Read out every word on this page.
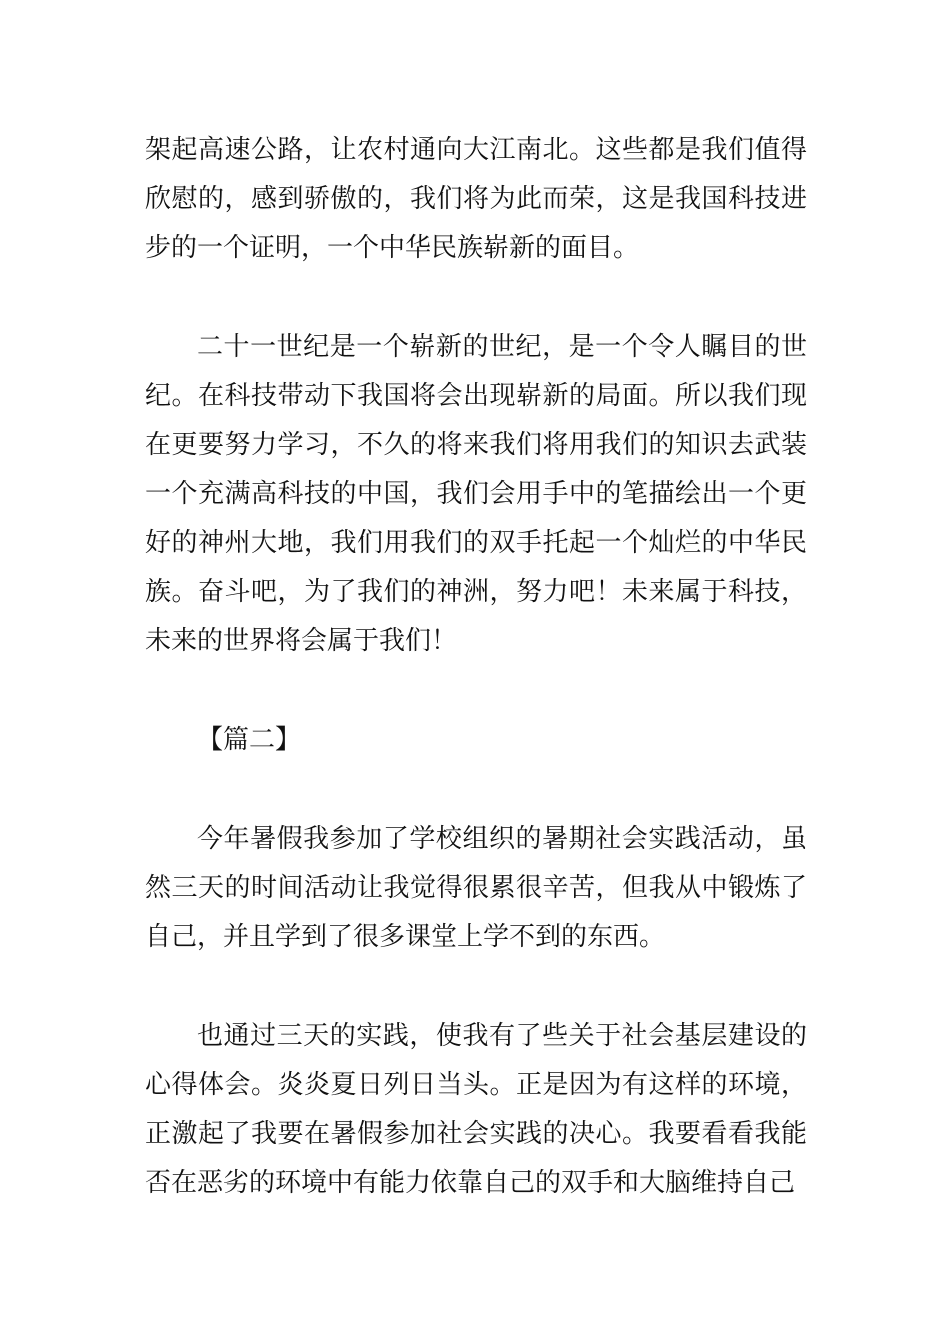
架起高速公路，让农村通向大江南北。这些都是我们值得欣慰的，感到骄傲的，我们将为此而荣，这是我国科技进步的一个证明，一个中华民族崭新的面目。

二十一世纪是一个崭新的世纪，是一个令人瞩目的世纪。在科技带动下我国将会出现崭新的局面。所以我们现在更要努力学习，不久的将来我们将用我们的知识去武装一个充满高科技的中国，我们会用手中的笔描绘出一个更好的神州大地，我们用我们的双手托起一个灿烂的中华民族。奋斗吧，为了我们的神洲，努力吧！未来属于科技，未来的世界将会属于我们！

【篇二】

今年暑假我参加了学校组织的暑期社会实践活动，虽然三天的时间活动让我觉得很累很辛苦，但我从中锻炼了自己，并且学到了很多课堂上学不到的东西。

也通过三天的实践，使我有了些关于社会基层建设的心得体会。炎炎夏日列日当头。正是因为有这样的环境，正激起了我要在暑假参加社会实践的决心。我要看看我能否在恶劣的环境中有能力依靠自己的双手和大脑维持自己
